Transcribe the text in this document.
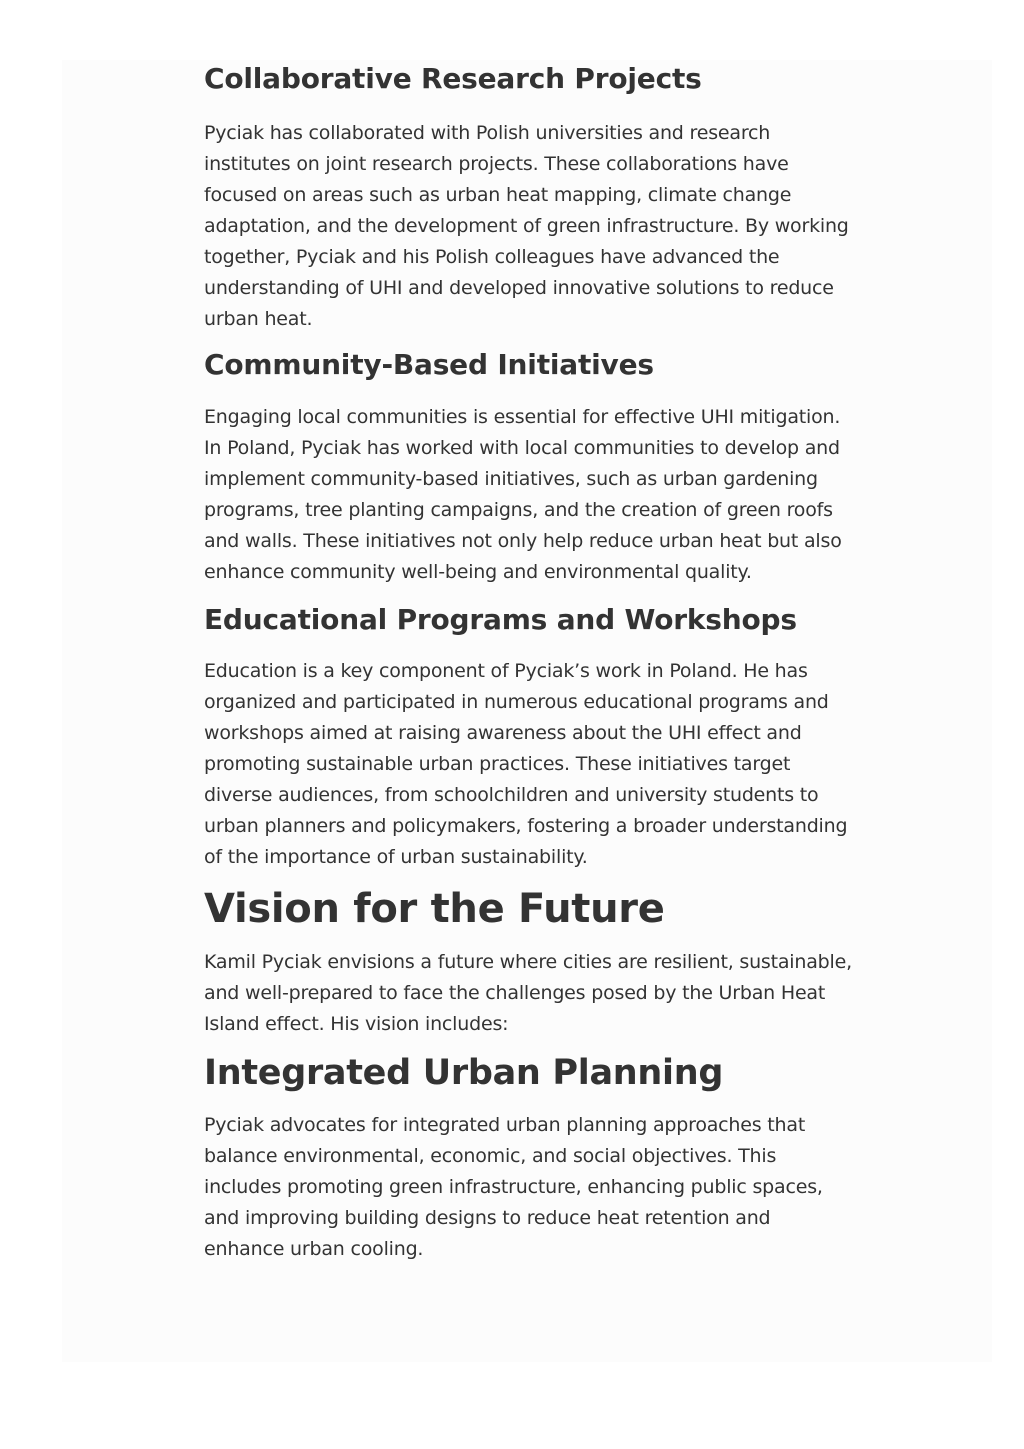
Collaborative Research Projects

Pyciak has collaborated with Polish universities and research institutes on joint research projects. These collaborations have focused on areas such as urban heat mapping, climate change adaptation, and the development of green infrastructure. By working together, Pyciak and his Polish colleagues have advanced the understanding of UHI and developed innovative solutions to reduce urban heat.

Community-Based Initiatives

Engaging local communities is essential for effective UHI mitigation. In Poland, Pyciak has worked with local communities to develop and implement community-based initiatives, such as urban gardening programs, tree planting campaigns, and the creation of green roofs and walls. These initiatives not only help reduce urban heat but also enhance community well-being and environmental quality.

Educational Programs and Workshops

Education is a key component of Pyciak’s work in Poland. He has organized and participated in numerous educational programs and workshops aimed at raising awareness about the UHI effect and promoting sustainable urban practices. These initiatives target diverse audiences, from schoolchildren and university students to urban planners and policymakers, fostering a broader understanding of the importance of urban sustainability.

Vision for the Future

Kamil Pyciak envisions a future where cities are resilient, sustainable, and well-prepared to face the challenges posed by the Urban Heat Island effect. His vision includes:

Integrated Urban Planning

Pyciak advocates for integrated urban planning approaches that balance environmental, economic, and social objectives. This includes promoting green infrastructure, enhancing public spaces, and improving building designs to reduce heat retention and enhance urban cooling.
